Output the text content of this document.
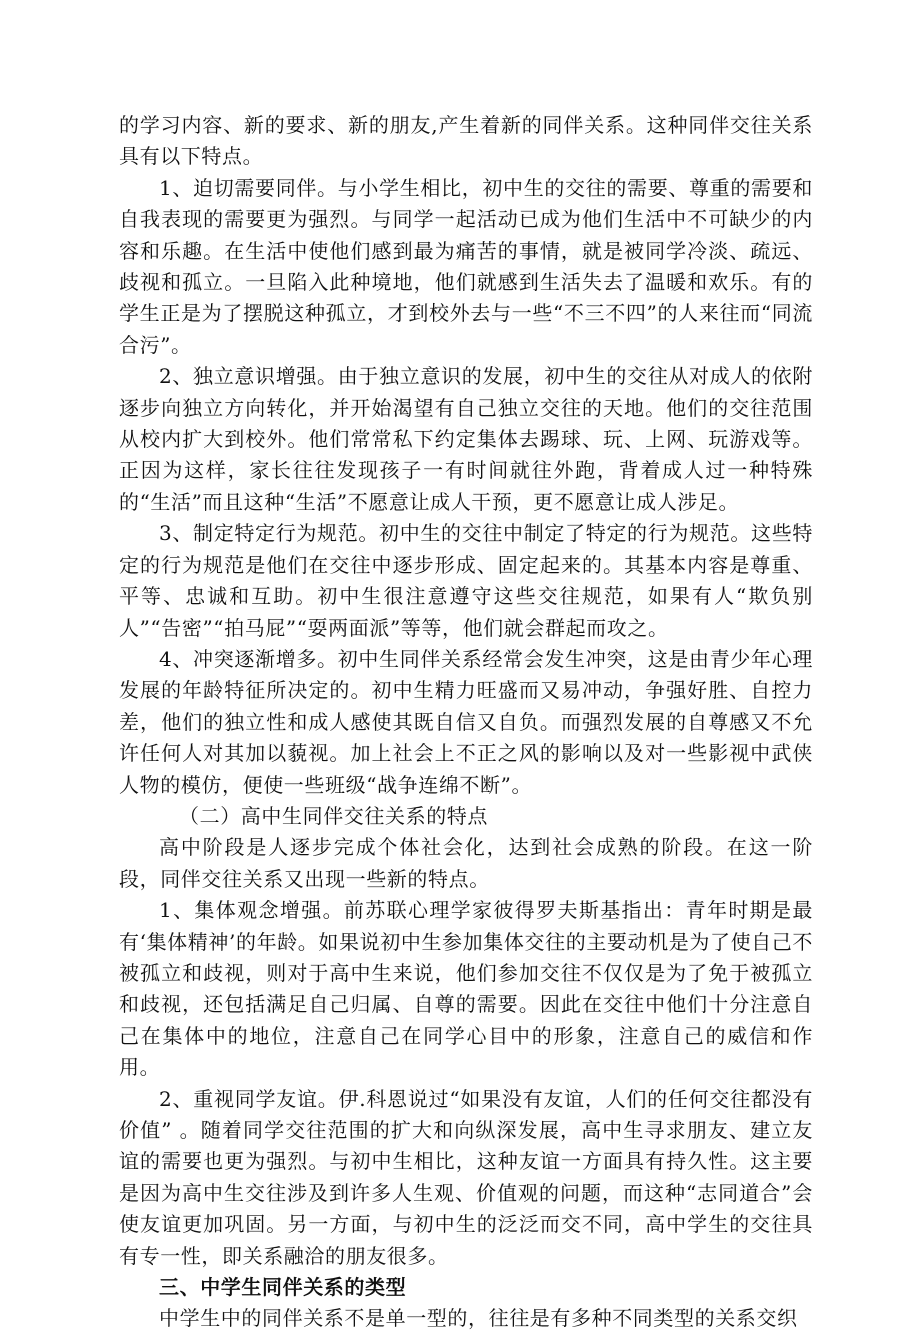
的学习内容、新的要求、新的朋友,产生着新的同伴关系。这种同伴交往关系具有以下特点。

1、迫切需要同伴。与小学生相比，初中生的交往的需要、尊重的需要和自我表现的需要更为强烈。与同学一起活动已成为他们生活中不可缺少的内容和乐趣。在生活中使他们感到最为痛苦的事情，就是被同学冷淡、疏远、歧视和孤立。一旦陷入此种境地，他们就感到生活失去了温暖和欢乐。有的学生正是为了摆脱这种孤立，才到校外去与一些“不三不四”的人来往而“同流合污”。

2、独立意识增强。由于独立意识的发展，初中生的交往从对成人的依附逐步向独立方向转化，并开始渴望有自己独立交往的天地。他们的交往范围从校内扩大到校外。他们常常私下约定集体去踢球、玩、上网、玩游戏等。正因为这样，家长往往发现孩子一有时间就往外跑，背着成人过一种特殊的“生活”而且这种“生活”不愿意让成人干预，更不愿意让成人涉足。

3、制定特定行为规范。初中生的交往中制定了特定的行为规范。这些特定的行为规范是他们在交往中逐步形成、固定起来的。其基本内容是尊重、平等、忠诚和互助。初中生很注意遵守这些交往规范，如果有人“欺负别人”“告密”“拍马屁”“耍两面派”等等，他们就会群起而攻之。

4、冲突逐渐增多。初中生同伴关系经常会发生冲突，这是由青少年心理发展的年龄特征所决定的。初中生精力旺盛而又易冲动，争强好胜、自控力差，他们的独立性和成人感使其既自信又自负。而强烈发展的自尊感又不允许任何人对其加以藐视。加上社会上不正之风的影响以及对一些影视中武侠人物的模仿，便使一些班级“战争连绵不断”。

（二）高中生同伴交往关系的特点

高中阶段是人逐步完成个体社会化，达到社会成熟的阶段。在这一阶段，同伴交往关系又出现一些新的特点。

1、集体观念增强。前苏联心理学家彼得罗夫斯基指出：青年时期是最有‘集体精神’的年龄。如果说初中生参加集体交往的主要动机是为了使自己不被孤立和歧视，则对于高中生来说，他们参加交往不仅仅是为了免于被孤立和歧视，还包括满足自己归属、自尊的需要。因此在交往中他们十分注意自己在集体中的地位，注意自己在同学心目中的形象，注意自己的威信和作用。

2、重视同学友谊。伊.科恩说过“如果没有友谊，人们的任何交往都没有价值” 。随着同学交往范围的扩大和向纵深发展，高中生寻求朋友、建立友谊的需要也更为强烈。与初中生相比，这种友谊一方面具有持久性。这主要是因为高中生交往涉及到许多人生观、价值观的问题，而这种“志同道合”会使友谊更加巩固。另一方面，与初中生的泛泛而交不同，高中学生的交往具有专一性，即关系融洽的朋友很多。

三、中学生同伴关系的类型

中学生中的同伴关系不是单一型的，往往是有多种不同类型的关系交织
